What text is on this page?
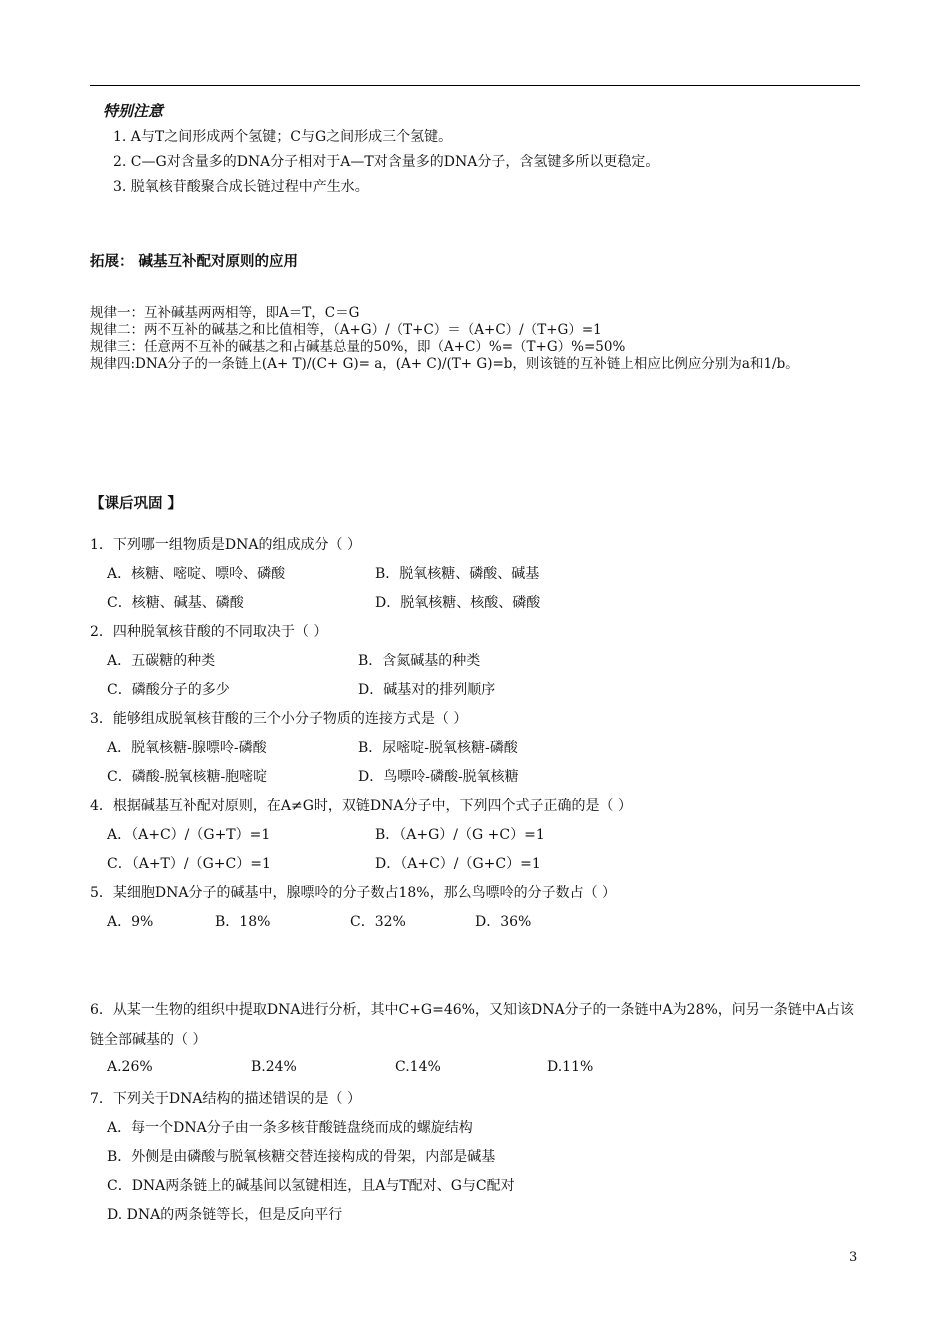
特别注意
1. A与T之间形成两个氢键；C与G之间形成三个氢键。
2. C—G对含量多的DNA分子相对于A—T对含量多的DNA分子，含氢键多所以更稳定。
3. 脱氧核苷酸聚合成长链过程中产生水。
拓展： 碱基互补配对原则的应用
规律一：互补碱基两两相等，即A＝T，C＝G
规律二：两不互补的碱基之和比值相等，（A+G）/（T+C）＝（A+C）/（T+G）=1
规律三：任意两不互补的碱基之和占碱基总量的50%，即（A+C）%=（T+G）%=50%
规律四:DNA分子的一条链上(A+ T)/(C+ G)= a，(A+ C)/(T+ G)=b，则该链的互补链上相应比例应分别为a和1/b。
【课后巩固 】
1．下列哪一组物质是DNA的组成成分（ ）
A．核糖、嘧啶、嘌呤、磷酸	B．脱氧核糖、磷酸、碱基
C．核糖、碱基、磷酸	D．脱氧核糖、核酸、磷酸
2．四种脱氧核苷酸的不同取决于（ ）
A．五碳糖的种类	B．含氮碱基的种类
C．磷酸分子的多少	D．碱基对的排列顺序
3．能够组成脱氧核苷酸的三个小分子物质的连接方式是（ ）
A．脱氧核糖-腺嘌呤-磷酸	B．尿嘧啶-脱氧核糖-磷酸
C．磷酸-脱氧核糖-胞嘧啶	D．鸟嘌呤-磷酸-脱氧核糖
4．根据碱基互补配对原则，在A≠G时，双链DNA分子中，下列四个式子正确的是（ ）
A．（A+C）/（G+T）=1	B．（A+G）/（G +C）=1
C．（A+T）/（G+C）=1	D．（A+C）/（G+C）=1
5．某细胞DNA分子的碱基中，腺嘌呤的分子数占18%，那么鸟嘌呤的分子数占（ ）
A．9%	B．18%	C．32%	D．36%
6．从某一生物的组织中提取DNA进行分析，其中C+G=46%，又知该DNA分子的一条链中A为28%，问另一条链中A占该链全部碱基的（ ）
A.26%	B.24%	C.14%	D.11%
7．下列关于DNA结构的描述错误的是（ ）
A．每一个DNA分子由一条多核苷酸链盘绕而成的螺旋结构
B．外侧是由磷酸与脱氧核糖交替连接构成的骨架，内部是碱基
C．DNA两条链上的碱基间以氢键相连，且A与T配对、G与C配对
D. DNA的两条链等长，但是反向平行
3
